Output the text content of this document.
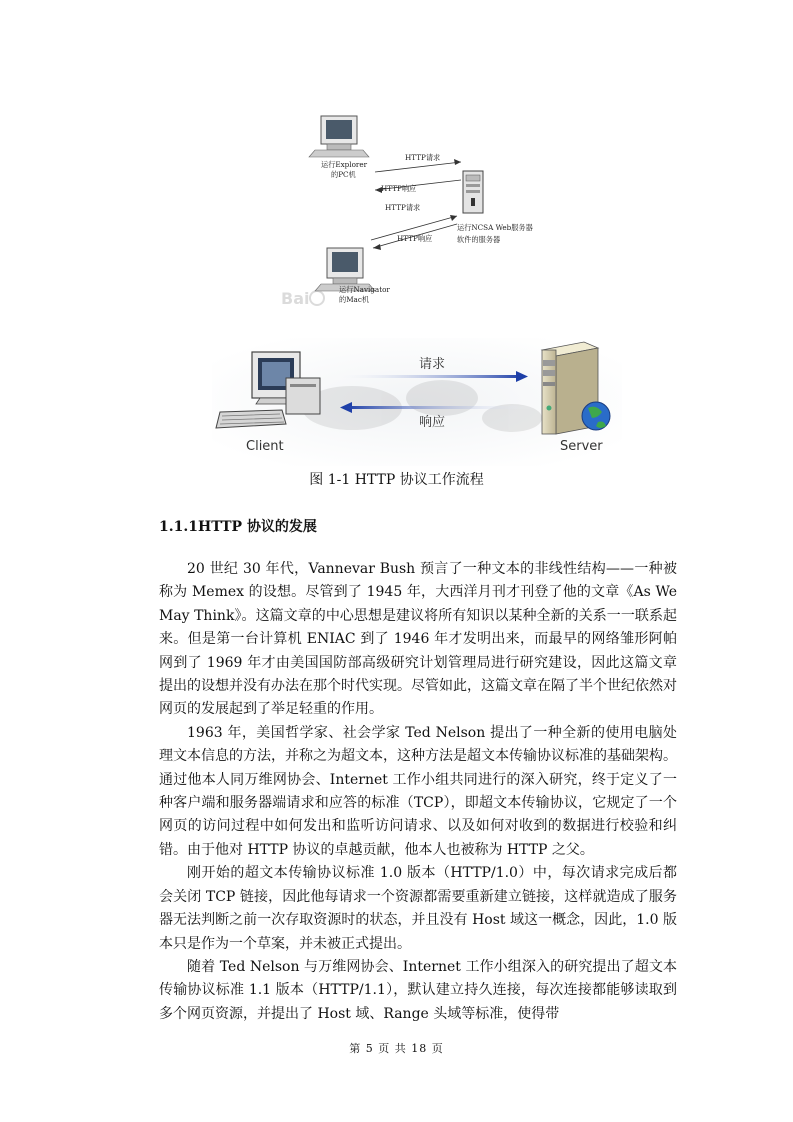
运行Explorer
的PC机
HTTP请求
HTTP响应
运行NCSA Web服务器
软件的服务器
HTTP请求
HTTP响应
运行Navigator
的Mac机
Bai
Client
请求
响应
Server
图 1-1 HTTP 协议工作流程
1.1.1HTTP 协议的发展

20 世纪 30 年代，Vannevar Bush 预言了一种文本的非线性结构——一种被称为 Memex 的设想。尽管到了 1945 年，大西洋月刊才刊登了他的文章《As We May Think》。这篇文章的中心思想是建议将所有知识以某种全新的关系一一联系起来。但是第一台计算机 ENIAC 到了 1946 年才发明出来，而最早的网络雏形阿帕网到了 1969 年才由美国国防部高级研究计划管理局进行研究建设，因此这篇文章提出的设想并没有办法在那个时代实现。尽管如此，这篇文章在隔了半个世纪依然对网页的发展起到了举足轻重的作用。

1963 年，美国哲学家、社会学家 Ted Nelson 提出了一种全新的使用电脑处理文本信息的方法，并称之为超文本，这种方法是超文本传输协议标准的基础架构。通过他本人同万维网协会、Internet 工作小组共同进行的深入研究，终于定义了一种客户端和服务器端请求和应答的标准（TCP），即超文本传输协议，它规定了一个网页的访问过程中如何发出和监听访问请求、以及如何对收到的数据进行校验和纠错。由于他对 HTTP 协议的卓越贡献，他本人也被称为 HTTP 之父。

刚开始的超文本传输协议标准 1.0 版本（HTTP/1.0）中，每次请求完成后都会关闭 TCP 链接，因此他每请求一个资源都需要重新建立链接，这样就造成了服务器无法判断之前一次存取资源时的状态，并且没有 Host 域这一概念，因此，1.0 版本只是作为一个草案，并未被正式提出。

随着 Ted Nelson 与万维网协会、Internet 工作小组深入的研究提出了超文本传输协议标准 1.1 版本（HTTP/1.1），默认建立持久连接，每次连接都能够读取到多个网页资源，并提出了 Host 域、Range 头域等标准，使得带

第 5 页 共 18 页
